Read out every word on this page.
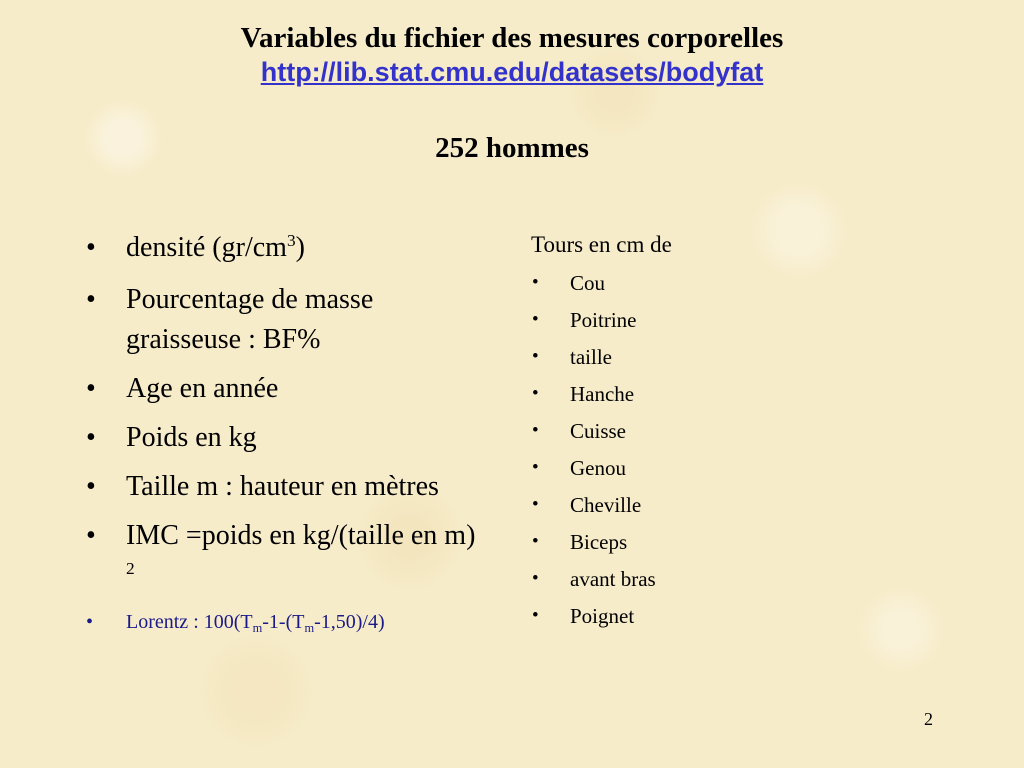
Variables du fichier des mesures corporelles

http://lib.stat.cmu.edu/datasets/bodyfat
252 hommes
• densité $(gr/cm^3)$
• Pourcentage de masse graisseuse : BF%
• Age en année
• Poids en kg
• Taille m : hauteur en mètres
• IMC =poids en kg/(taille en m) $^2$
• Lorentz : $100(T_m-1-(T_m-1,50)/4)$
Tours en cm de
• Cou
• Poitrine
• taille
• Hanche
• Cuisse
• Genou
• Cheville
• Biceps
• avant bras
• Poignet
2
